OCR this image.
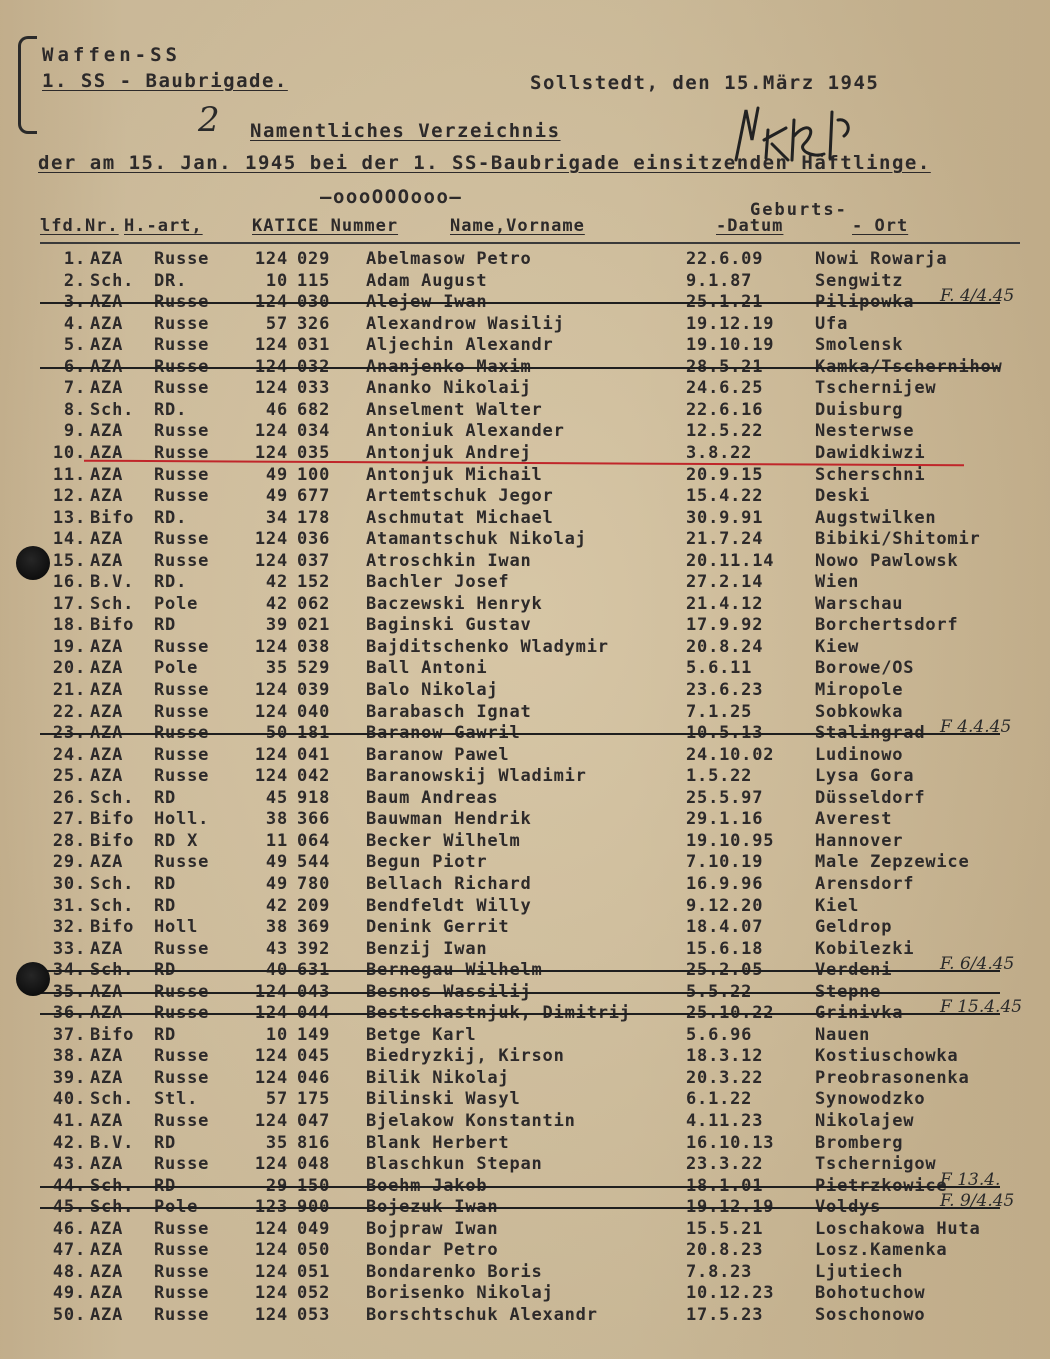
Waffen-SS
1. SS - Baubrigade.	Sollstedt, den 15.März 1945
2 Namentliches Verzeichnis
der am 15. Jan. 1945 bei der 1. SS-Baubrigade einsitzenden Häftlinge.
—oooOOOooo—
Geburts-
lfd.Nr. H.-art,	KATICE Nummer	Name,Vorname	-Datum	- Ort
1. AZA Russe	124 029 Abelmasow Petro	22.6.09	Nowi Rowarja
2. Sch. DR.	10 115 Adam August	9.1.87	Sengwitz
3. AZA Russe	124 030 Alejew Iwan	25.1.21	Pilipowka F. 4/4.45
4. AZA Russe	57 326 Alexandrow Wasilij	19.12.19 Ufa
5. AZA Russe	124 031 Aljechin Alexandr	19.10.19 Smolensk
6. AZA Russe	124 032 Ananjenko Maxim	28.5.21	Kamka/Tschernihow
7. AZA Russe	124 033 Ananko Nikolaij	24.6.25	Tschernijew
8. Sch. RD.	46 682 Anselment Walter	22.6.16	Duisburg
9. AZA Russe	124 034 Antoniuk Alexander	12.5.22	Nesterwse
10. AZA Russe	124 035 Antonjuk Andrej	3.8.22	Dawidkiwzi
11. AZA Russe	49 100 Antonjuk Michail	20.9.15	Scherschni
12. AZA Russe	49 677 Artemtschuk Jegor	15.4.22	Deski
13. Bifo RD.	34 178 Aschmutat Michael	30.9.91	Augstwilken
14. AZA Russe	124 036 Atamantschuk Nikolaj	21.7.24	Bibiki/Shitomir
15. AZA Russe	124 037 Atroschkin Iwan	20.11.14 Nowo Pawlowsk
16. B.V. RD.	42 152 Bachler Josef	27.2.14	Wien
17. Sch. Pole	42 062 Baczewski Henryk	21.4.12	Warschau
18. Bifo RD	39 021 Baginski Gustav	17.9.92	Borchertsdorf
19. AZA Russe	124 038 Bajditschenko Wladymir	20.8.24	Kiew
20. AZA Pole	35 529 Ball Antoni	5.6.11	Borowe/OS
21. AZA Russe	124 039 Balo Nikolaj	23.6.23	Miropole
22. AZA Russe	124 040 Barabasch Ignat	7.1.25	Sobkowka
23. AZA Russe	50 181 Baranow Gawril	10.5.13	Stalingrad F 4.4.45
24. AZA Russe	124 041 Baranow Pawel	24.10.02 Ludinowo
25. AZA Russe	124 042 Baranowskij Wladimir	1.5.22	Lysa Gora
26. Sch. RD	45 918 Baum Andreas	25.5.97	Düsseldorf
27. Bifo Holl.	38 366 Bauwman Hendrik	29.1.16	Averest
28. Bifo RD X	11 064 Becker Wilhelm	19.10.95 Hannover
29. AZA Russe	49 544 Begun Piotr	7.10.19	Male Zepzewice
30. Sch. RD	49 780 Bellach Richard	16.9.96	Arensdorf
31. Sch. RD	42 209 Bendfeldt Willy	9.12.20	Kiel
32. Bifo Holl	38 369 Denink Gerrit	18.4.07	Geldrop
33. AZA Russe	43 392 Benzij Iwan	15.6.18	Kobilezki
34. Sch. RD	40 631 Bernegau Wilhelm	25.2.05	Verdeni	F. 6/4.45
35. AZA Russe	124 043 Besnos Wassilij	5.5.22	Stepne
36. AZA Russe	124 044 Bestschastnjuk, Dimitrij	25.10.22 Grinivka F 15.4.45
37. Bifo RD	10 149 Betge Karl	5.6.96	Nauen
38. AZA Russe	124 045 Biedryzkij, Kirson	18.3.12	Kostiuschowka
39. AZA Russe	124 046 Bilik Nikolaj	20.3.22	Preobrasonenka
40. Sch. Stl.	57 175 Bilinski Wasyl	6.1.22	Synowodzko
41. AZA Russe	124 047 Bjelakow Konstantin	4.11.23	Nikolajew
42. B.V. RD	35 816 Blank Herbert	16.10.13 Bromberg
43. AZA Russe	124 048 Blaschkun Stepan	23.3.22	Tschernigow
44. Sch. RD	29 150 Boehm Jakob	18.1.01	Pietrzkowice
F 13.4.
45. Sch. Pole	123 900 Bojezuk Iwan	19.12.19 Voldys	F. 9/4.45
46. AZA Russe	124 049 Bojpraw Iwan	15.5.21	Loschakowa Huta
47. AZA Russe	124 050 Bondar Petro	20.8.23	Losz.Kamenka
48. AZA Russe	124 051 Bondarenko Boris	7.8.23	Ljutiech
49. AZA Russe	124 052 Borisenko Nikolaj	10.12.23 Bohotuchow
50. AZA Russe	124 053 Borschtschuk Alexandr	17.5.23	Soschonowo
